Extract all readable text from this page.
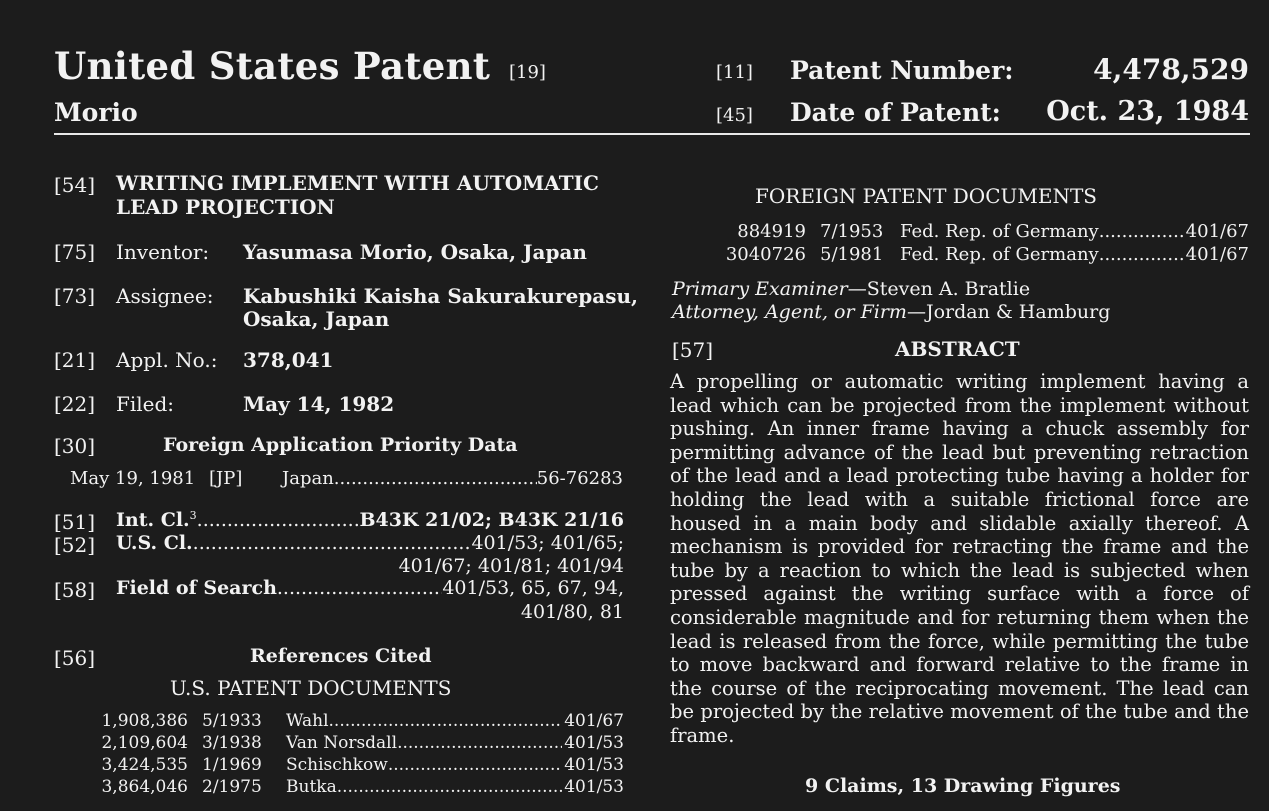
United States Patent [19]
Morio
[11] Patent Number:	4,478,529
[45] Date of Patent: Oct. 23, 1984
[54] WRITING IMPLEMENT WITH AUTOMATIC
LEAD PROJECTION
[75] Inventor: Yasumasa Morio, Osaka, Japan
[73] Assignee: Kabushiki Kaisha Sakurakurepasu,
Osaka, Japan
[21] Appl. No.: 378,041
[22] Filed:	May 14, 1982
[30]	Foreign Application Priority Data
May 19, 1981 [JP]	Japan .....	56-76283
[51] Int. Cl. 3 .....	B43K 21/02; B43K 21/16
[52] U.S. Cl. .....	401/53; 401/65;
401/67; 401/81; 401/94
[58] Field of Search .....	401/53, 65, 67, 94,
401/80, 81
[56]	References Cited
U.S. PATENT DOCUMENTS
1,908,386 5/1933	Wahl .....	401/67
2,109,604 3/1938	Van Norsdall .....	401/53
3,424,535 1/1969	Schischkow .....	401/53
3,864,046 2/1975	Butka .....	401/53
FOREIGN PATENT DOCUMENTS
884919 7/1953 Fed. Rep. of Germany .....	401/67
3040726 5/1981 Fed. Rep. of Germany .....	401/67
Primary Examiner—Steven A. Bratlie
Attorney, Agent, or Firm—Jordan & Hamburg
[57]	ABSTRACT
A propelling or automatic writing implement having a lead which can be projected from the implement without pushing. An inner frame having a chuck assembly for permitting advance of the lead but preventing retraction of the lead and a lead protecting tube having a holder for holding the lead with a suitable frictional force are housed in a main body and slidable axially thereof. A mechanism is provided for retracting the frame and the tube by a reaction to which the lead is subjected when pressed against the writing surface with a force of considerable magnitude and for returning them when the lead is released from the force, while permitting the tube to move backward and forward relative to the frame in the course of the reciprocating movement. The lead can be projected by the relative movement of the tube and the frame.
9 Claims, 13 Drawing Figures
